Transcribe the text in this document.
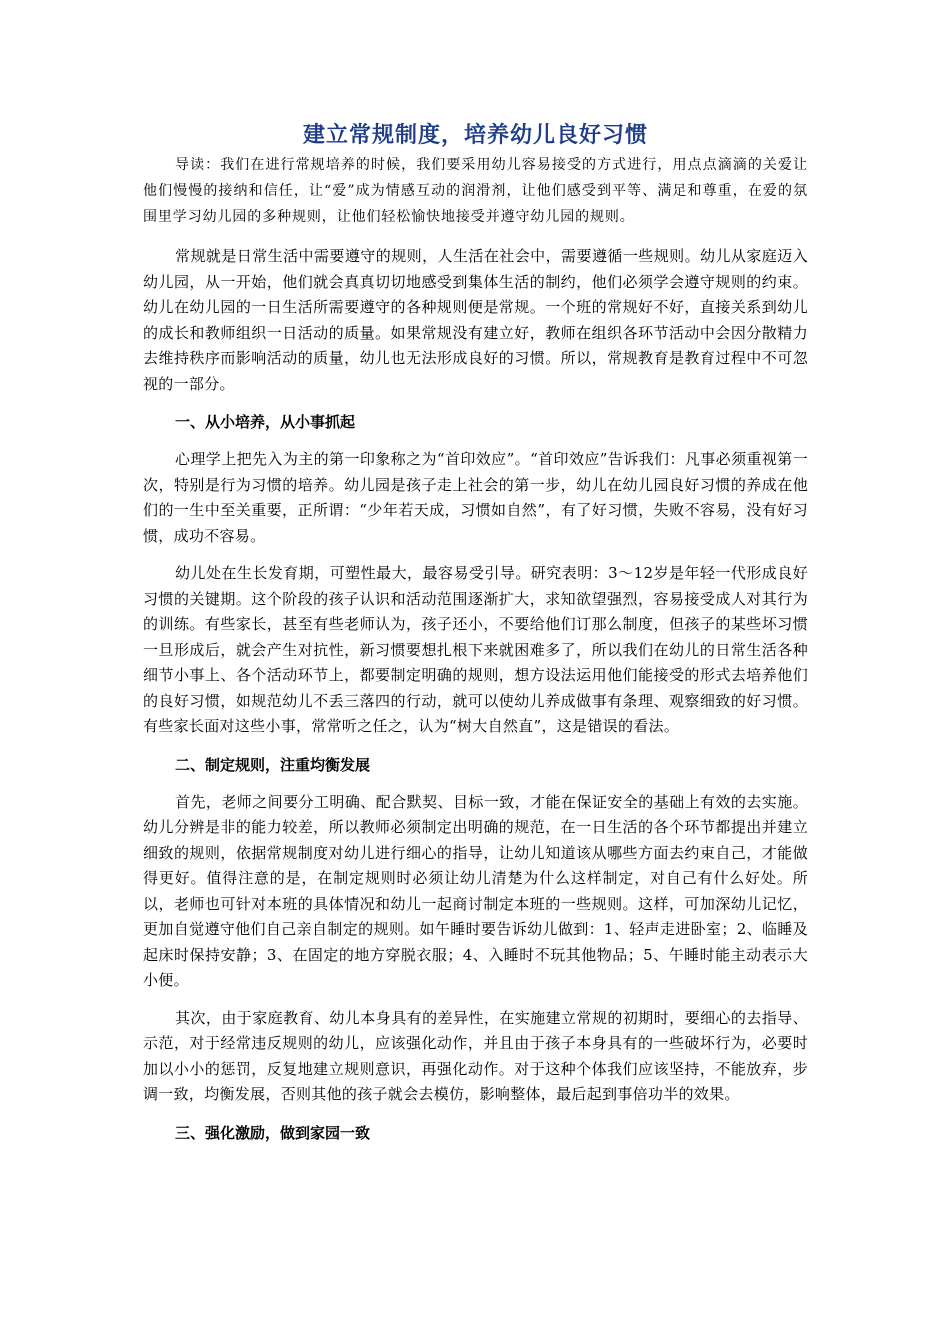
建立常规制度，培养幼儿良好习惯

导读：我们在进行常规培养的时候，我们要采用幼儿容易接受的方式进行，用点点滴滴的关爱让他们慢慢的接纳和信任，让“爱”成为情感互动的润滑剂，让他们感受到平等、满足和尊重，在爱的氛围里学习幼儿园的多种规则，让他们轻松愉快地接受并遵守幼儿园的规则。

常规就是日常生活中需要遵守的规则，人生活在社会中，需要遵循一些规则。幼儿从家庭迈入幼儿园，从一开始，他们就会真真切切地感受到集体生活的制约，他们必须学会遵守规则的约束。幼儿在幼儿园的一日生活所需要遵守的各种规则便是常规。一个班的常规好不好，直接关系到幼儿的成长和教师组织一日活动的质量。如果常规没有建立好，教师在组织各环节活动中会因分散精力去维持秩序而影响活动的质量，幼儿也无法形成良好的习惯。所以，常规教育是教育过程中不可忽视的一部分。

一、从小培养，从小事抓起

心理学上把先入为主的第一印象称之为“首印效应”。“首印效应”告诉我们：凡事必须重视第一次，特别是行为习惯的培养。幼儿园是孩子走上社会的第一步，幼儿在幼儿园良好习惯的养成在他们的一生中至关重要，正所谓：“少年若天成，习惯如自然”，有了好习惯，失败不容易，没有好习惯，成功不容易。

幼儿处在生长发育期，可塑性最大，最容易受引导。研究表明：3～12岁是年轻一代形成良好习惯的关键期。这个阶段的孩子认识和活动范围逐渐扩大，求知欲望强烈，容易接受成人对其行为的训练。有些家长，甚至有些老师认为，孩子还小，不要给他们订那么制度，但孩子的某些坏习惯一旦形成后，就会产生对抗性，新习惯要想扎根下来就困难多了，所以我们在幼儿的日常生活各种细节小事上、各个活动环节上，都要制定明确的规则，想方设法运用他们能接受的形式去培养他们的良好习惯，如规范幼儿不丢三落四的行动，就可以使幼儿养成做事有条理、观察细致的好习惯。有些家长面对这些小事，常常听之任之，认为“树大自然直”，这是错误的看法。

二、制定规则，注重均衡发展

首先，老师之间要分工明确、配合默契、目标一致，才能在保证安全的基础上有效的去实施。幼儿分辨是非的能力较差，所以教师必须制定出明确的规范，在一日生活的各个环节都提出并建立细致的规则，依据常规制度对幼儿进行细心的指导，让幼儿知道该从哪些方面去约束自己，才能做得更好。值得注意的是，在制定规则时必须让幼儿清楚为什么这样制定，对自己有什么好处。所以，老师也可针对本班的具体情况和幼儿一起商讨制定本班的一些规则。这样，可加深幼儿记忆，更加自觉遵守他们自己亲自制定的规则。如午睡时要告诉幼儿做到：1、轻声走进卧室；2、临睡及起床时保持安静；3、在固定的地方穿脱衣服；4、入睡时不玩其他物品；5、午睡时能主动表示大小便。

其次，由于家庭教育、幼儿本身具有的差异性，在实施建立常规的初期时，要细心的去指导、示范，对于经常违反规则的幼儿，应该强化动作，并且由于孩子本身具有的一些破坏行为，必要时加以小小的惩罚，反复地建立规则意识，再强化动作。对于这种个体我们应该坚持，不能放弃，步调一致，均衡发展，否则其他的孩子就会去模仿，影响整体，最后起到事倍功半的效果。

三、强化激励，做到家园一致
